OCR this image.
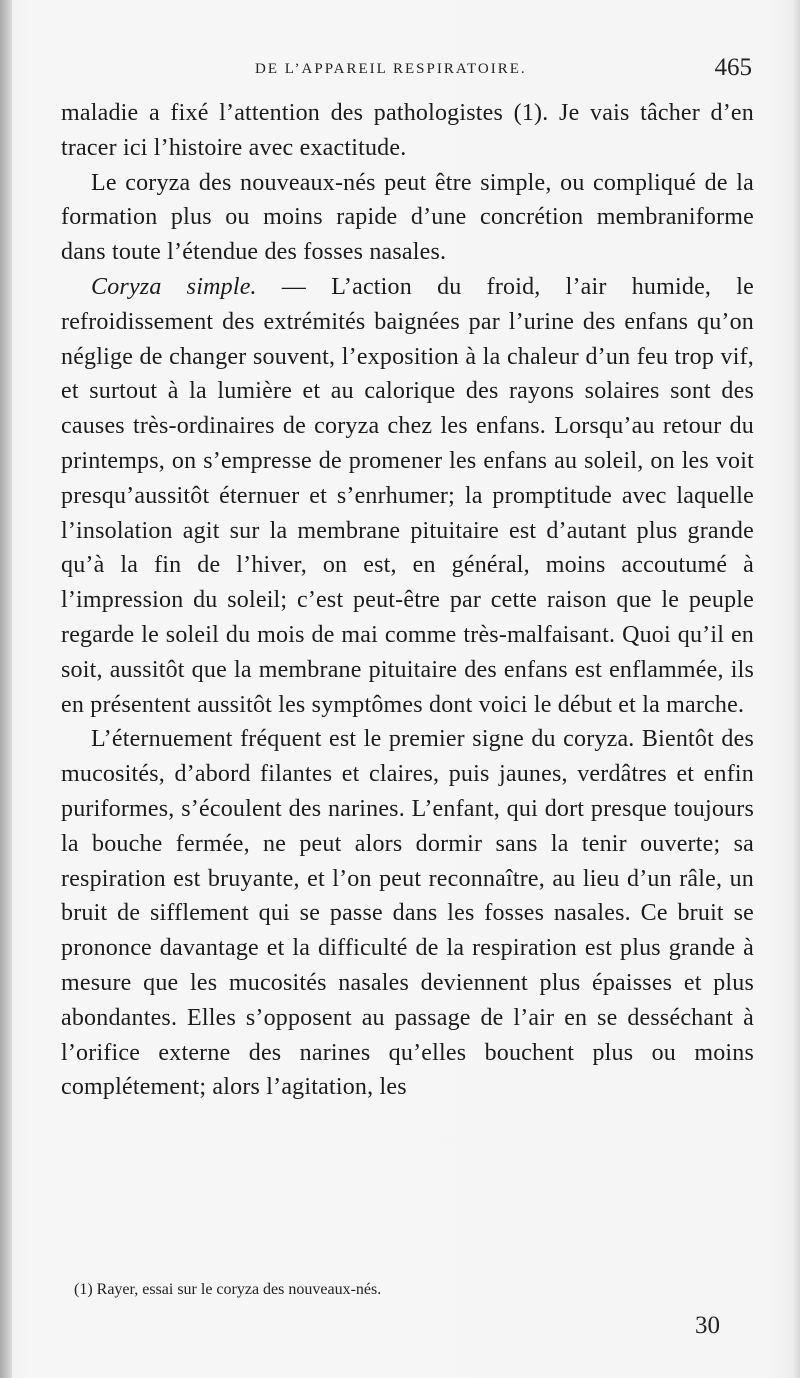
DE L’APPAREIL RESPIRATOIRE.	465

maladie a fixé l’attention des pathologistes (1). Je vais tâcher d’en tracer ici l’histoire avec exactitude.

Le coryza des nouveaux-nés peut être simple, ou compliqué de la formation plus ou moins rapide d’une concrétion membraniforme dans toute l’étendue des fosses nasales.

Coryza simple. — L’action du froid, l’air humide, le refroidissement des extrémités baignées par l’urine des enfans qu’on néglige de changer souvent, l’exposition à la chaleur d’un feu trop vif, et surtout à la lumière et au calorique des rayons solaires sont des causes très-ordinaires de coryza chez les enfans. Lorsqu’au retour du printemps, on s’empresse de promener les enfans au soleil, on les voit presqu’aussitôt éternuer et s’enrhumer; la promptitude avec laquelle l’insolation agit sur la membrane pituitaire est d’autant plus grande qu’à la fin de l’hiver, on est, en général, moins accoutumé à l’impression du soleil; c’est peut-être par cette raison que le peuple regarde le soleil du mois de mai comme très-malfaisant. Quoi qu’il en soit, aussitôt que la membrane pituitaire des enfans est enflammée, ils en présentent aussitôt les symptômes dont voici le début et la marche.

L’éternuement fréquent est le premier signe du coryza. Bientôt des mucosités, d’abord filantes et claires, puis jaunes, verdâtres et enfin puriformes, s’écoulent des narines. L’enfant, qui dort presque toujours la bouche fermée, ne peut alors dormir sans la tenir ouverte; sa respiration est bruyante, et l’on peut reconnaître, au lieu d’un râle, un bruit de sifflement qui se passe dans les fosses nasales. Ce bruit se prononce davantage et la difficulté de la respiration est plus grande à mesure que les mucosités nasales deviennent plus épaisses et plus abondantes. Elles s’opposent au passage de l’air en se desséchant à l’orifice externe des narines qu’elles bouchent plus ou moins complétement; alors l’agitation, les

(1) Rayer, essai sur le coryza des nouveaux-nés.
30
